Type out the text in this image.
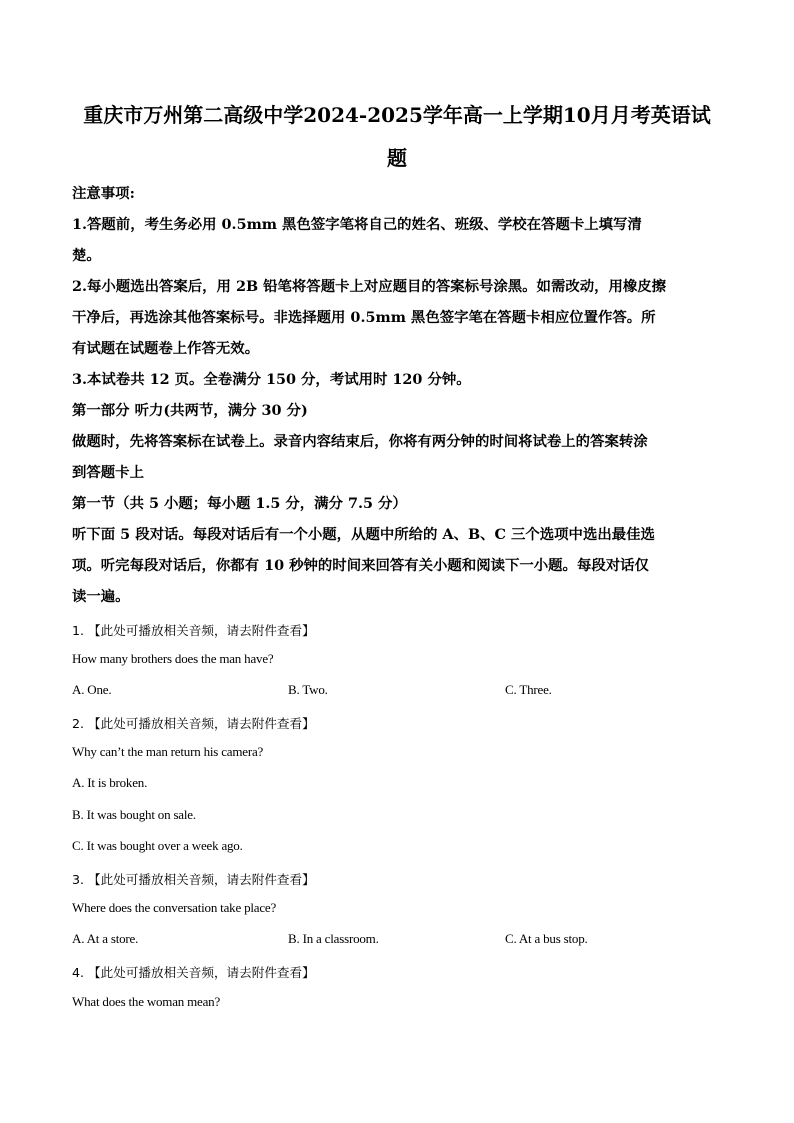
重庆市万州第二高级中学2024-2025学年高一上学期10月月考英语试
题
注意事项:
1.答题前，考生务必用 0.5mm 黑色签字笔将自己的姓名、班级、学校在答题卡上填写清
楚。
2.每小题选出答案后，用 2B 铅笔将答题卡上对应题目的答案标号涂黑。如需改动，用橡皮擦
干净后，再选涂其他答案标号。非选择题用 0.5mm 黑色签字笔在答题卡相应位置作答。所
有试题在试题卷上作答无效。
3.本试卷共 12 页。全卷满分 150 分，考试用时 120 分钟。
第一部分 听力(共两节，满分 30 分)
做题时，先将答案标在试卷上。录音内容结束后，你将有两分钟的时间将试卷上的答案转涂
到答题卡上
第一节（共 5 小题；每小题 1.5 分，满分 7.5 分）
听下面 5 段对话。每段对话后有一个小题，从题中所给的 A、B、C 三个选项中选出最佳选
项。听完每段对话后，你都有 10 秒钟的时间来回答有关小题和阅读下一小题。每段对话仅
读一遍。
1. 【此处可播放相关音频，请去附件查看】
How many brothers does the man have?
A. One.	B. Two.	C. Three.
2. 【此处可播放相关音频，请去附件查看】
Why can’t the man return his camera?
A. It is broken.
B. It was bought on sale.
C. It was bought over a week ago.
3. 【此处可播放相关音频，请去附件查看】
Where does the conversation take place?
A. At a store.	B. In a classroom.	C. At a bus stop.
4. 【此处可播放相关音频，请去附件查看】
What does the woman mean?
